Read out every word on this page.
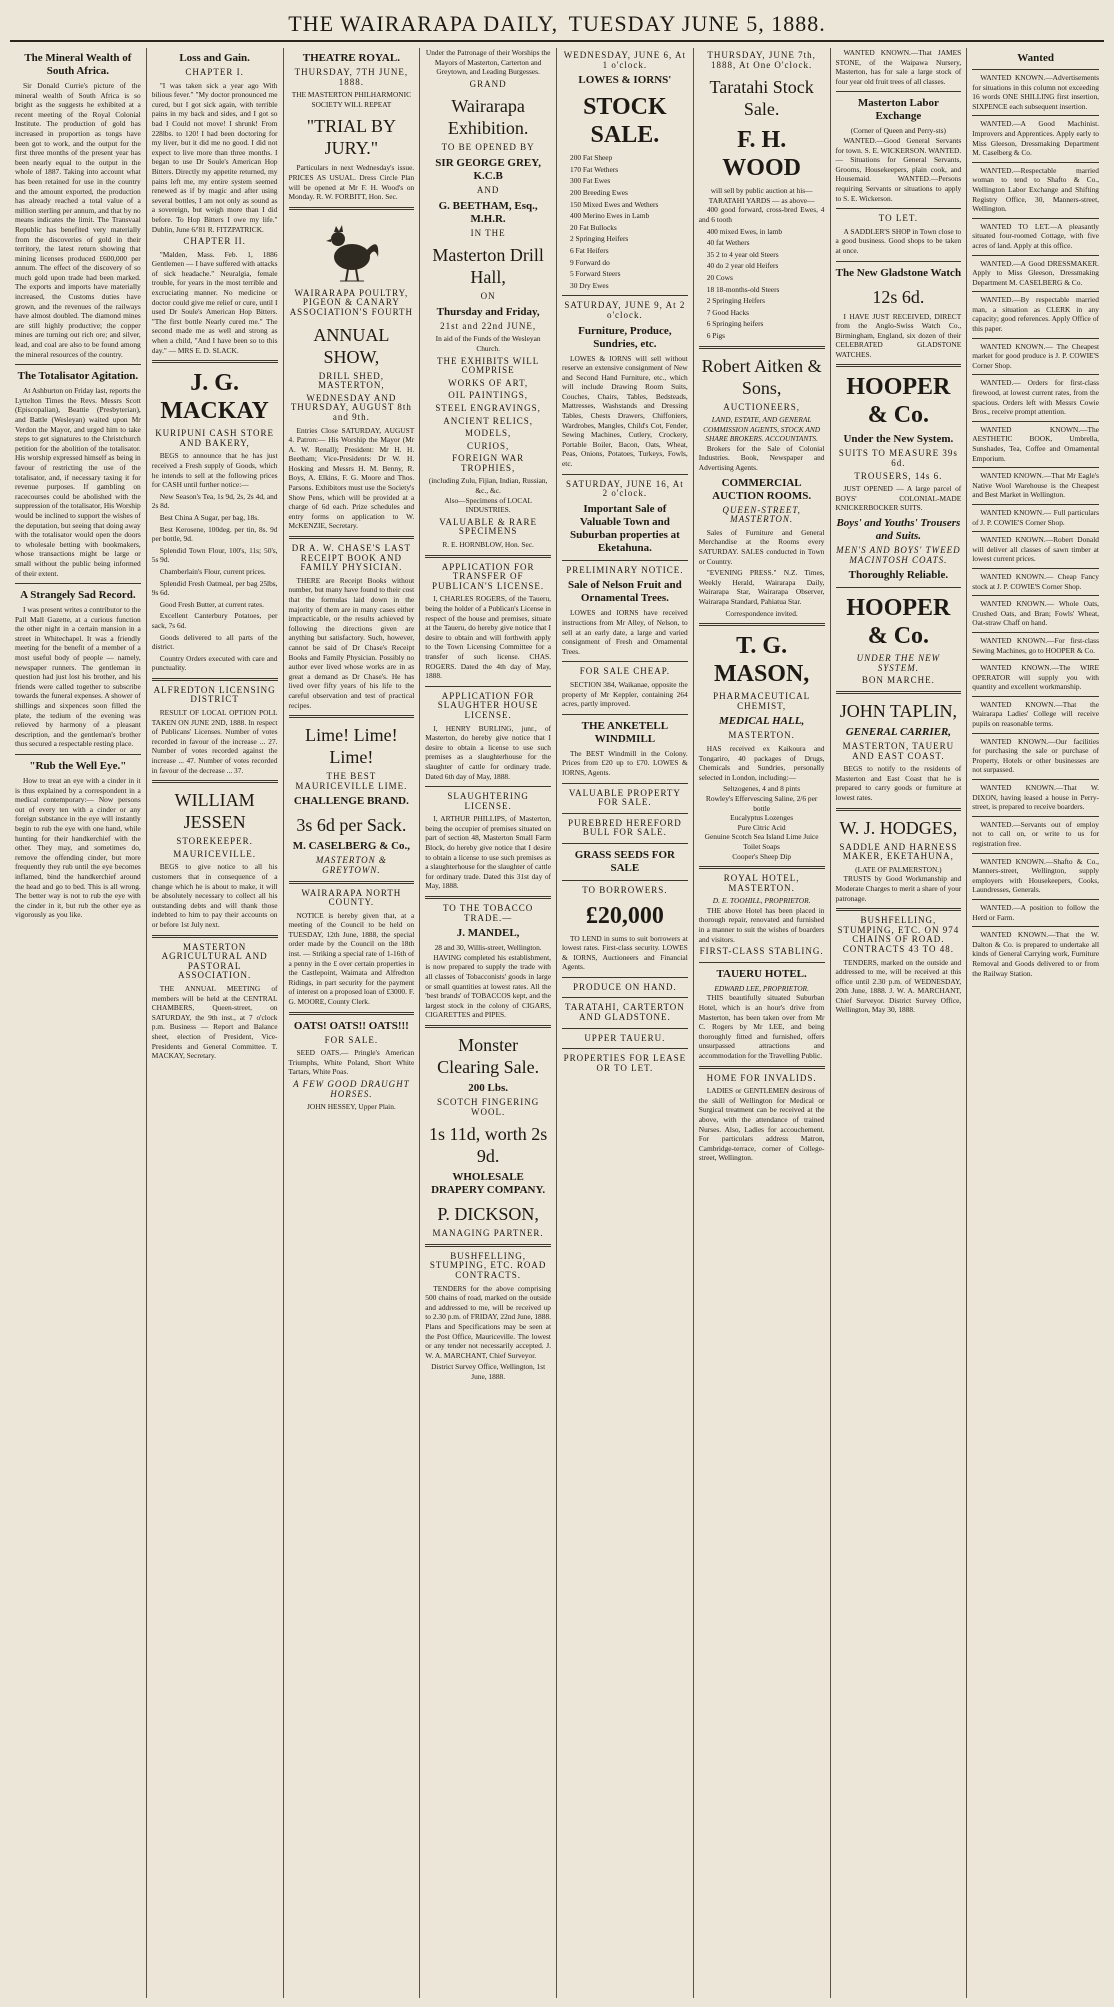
THE WAIRARAPA DAILY, TUESDAY JUNE 5, 1888.
The Mineral Wealth of South Africa.
Sir Donald Currie's picture of the mineral wealth of South Africa is so bright as the suggests he exhibited at a recent meeting of the Royal Colonial Institute. The production of gold has increased in proportion as tongs have been got to work, and the output for the first three months of the present year has been nearly equal to the output in the whole of 1887. Taking into account what has been retained for use in the country and the amount exported, the production has already reached a total value of a million sterling per annum, and that by no means indicates the limit. The Transvaal Republic has benefited very materially from the discoveries of gold in their territory, the latest return showing that mining licenses produced £600,000 per annum. The effect of the discovery of so much gold upon trade had been marked. The exports and imports have materially increased, the Customs duties have grown, and the revenues of the railways have almost doubled. The diamond mines are still highly productive; the copper mines are turning out rich ore; and silver, lead, and coal are also to be found among the mineral resources of the country.
The Totalisator Agitation.
At Ashburton on Friday last, reports the Lyttelton Times the Revs. Messrs Scott (Episcopalian), Beattie (Presbyterian), and Battle (Wesleyan) waited upon Mr Verdon the Mayor, and urged him to take steps to get signatures to the Christchurch petition for the abolition of the totalisator. His worship expressed himself as being in favour of restricting the use of the totalisator, and, if necessary taxing it for revenue purposes. If gambling on racecourses could be abolished with the suppression of the totalisator, His Worship would be inclined to support the wishes of the deputation, but seeing that doing away with the totalisator would open the doors to wholesale betting with bookmakers, whose transactions might be large or small without the public being informed of their extent.
A Strangely Sad Record.
I was present writes a contributor to the Pall Mall Gazette, at a curious function the other night in a certain mansion in a street in Whitechapel. It was a friendly meeting for the benefit of a member of a most useful body of people — namely, newspaper runners. The gentleman in question had just lost his brother, and his friends were called together to subscribe towards the funeral expenses. A shower of shillings and sixpences soon filled the plate, the tedium of the evening was relieved by harmony of a pleasant description, and the gentleman's brother thus secured a respectable resting place.
"Rub the Well Eye."
How to treat an eye with a cinder in it is thus explained by a correspondent in a medical contemporary:— Now persons out of every ten with a cinder or any foreign substance in the eye will instantly begin to rub the eye with one hand, while hunting for their handkerchief with the other. They may, and sometimes do, remove the offending cinder, but more frequently they rub until the eye becomes inflamed, bind the handkerchief around the head and go to bed. This is all wrong. The better way is not to rub the eye with the cinder in it, but rub the other eye as vigorously as you like.
Loss and Gain.
CHAPTER I.
"I was taken sick a year ago With bilious fever." "My doctor pronounced me cured, but I got sick again, with terrible pains in my back and sides, and I got so bad I Could not move! I shrunk! From 228lbs. to 120! I had been doctoring for my liver, but it did me no good. I did not expect to live more than three months. I began to use Dr Soule's American Hop Bitters. Directly my appetite returned, my pains left me, my entire system seemed renewed as if by magic and after using several bottles, I am not only as sound as a sovereign, but weigh more than I did before. To Hop Bitters I owe my life." Dublin, June 6/'81 R. FITZPATRICK.
CHAPTER II.
"Malden, Mass. Feb. 1, 1886 Gentlemen — I have suffered with attacks of sick headache." Neuralgia, female trouble, for years in the most terrible and excruciating manner. No medicine or doctor could give me relief or cure, until I used Dr Soule's American Hop Bitters. "The first bottle Nearly cured me." The second made me as well and strong as when a child, "And I have been so to this day." — MRS E. D. SLACK.
J. G. MACKAY
KURIPUNI CASH STORE AND BAKERY,
BEGS to announce that he has just received a Fresh supply of Goods, which he intends to sell at the following prices for CASH until further notice:—
New Season's Tea, 1s 9d, 2s, 2s 4d, and 2s 8d.
Best China A Sugar, per bag, 18s.
Best Kerosene, 100deg. per tin, 8s. 9d per bottle, 9d.
Splendid Town Flour, 100's, 11s; 50's, 5s 9d.
Chamberlain's Flour, current prices.
Splendid Fresh Oatmeal, per bag 25lbs, 9s 6d.
Good Fresh Butter, at current rates.
Excellent Canterbury Potatoes, per sack, 7s 6d.
Goods delivered to all parts of the district.
Country Orders executed with care and punctuality.
ALFREDTON LICENSING DISTRICT
RESULT OF LOCAL OPTION POLL TAKEN ON JUNE 2ND, 1888. In respect of Publicans' Licenses. Number of votes recorded in favour of the increase ... 27. Number of votes recorded against the increase ... 47. Number of votes recorded in favour of the decrease ... 37.
WILLIAM JESSEN
STOREKEEPER.
MAURICEVILLE.
BEGS to give notice to all his customers that in consequence of a change which he is about to make, it will be absolutely necessary to collect all his outstanding debts and will thank those indebted to him to pay their accounts on or before 1st July next.
MASTERTON AGRICULTURAL AND PASTORAL ASSOCIATION.
THE ANNUAL MEETING of members will be held at the CENTRAL CHAMBERS, Queen-street, on SATURDAY, the 9th inst., at 7 o'clock p.m. Business — Report and Balance sheet, election of President, Vice-Presidents and General Committee. T. MACKAY, Secretary.
THEATRE ROYAL.
THURSDAY, 7TH JUNE, 1888.
THE MASTERTON PHILHARMONIC SOCIETY WILL REPEAT
"TRIAL BY JURY."
Particulars in next Wednesday's issue. PRICES AS USUAL. Dress Circle Plan will be opened at Mr F. H. Wood's on Monday. R. W. FORBITT, Hon. Sec.
WAIRARAPA POULTRY, PIGEON & CANARY ASSOCIATION'S FOURTH
ANNUAL SHOW,
DRILL SHED, MASTERTON,
WEDNESDAY AND THURSDAY, AUGUST 8th and 9th.
Entries Close SATURDAY, AUGUST 4. Patron:— His Worship the Mayor (Mr A. W. Renall); President: Mr H. H. Beetham; Vice-Presidents: Dr W. H. Hosking and Messrs H. M. Benny, R. Boys, A. Elkins, F. G. Moore and Thos. Parsons. Exhibitors must use the Society's Show Pens, which will be provided at a charge of 6d each. Prize schedules and entry forms on application to W. McKENZIE, Secretary.
DR A. W. CHASE'S LAST RECEIPT BOOK AND FAMILY PHYSICIAN.
THERE are Receipt Books without number, but many have found to their cost that the formulas laid down in the majority of them are in many cases either impracticable, or the results achieved by following the directions given are anything but satisfactory. Such, however, cannot be said of Dr Chase's Receipt Books and Family Physician. Possibly no author ever lived whose works are in as great a demand as Dr Chase's. He has lived over fifty years of his life to the careful observation and test of practical recipes.
Lime! Lime! Lime!
THE BEST MAURICEVILLE LIME.
CHALLENGE BRAND.
3s 6d per Sack.
M. CASELBERG & Co.,
MASTERTON & GREYTOWN.
WAIRARAPA NORTH COUNTY.
NOTICE is hereby given that, at a meeting of the Council to be held on TUESDAY, 12th June, 1888, the special order made by the Council on the 18th inst. — Striking a special rate of 1-16th of a penny in the £ over certain properties in the Castlepoint, Waimata and Alfredton Ridings, in part security for the payment of interest on a proposed loan of £3000. F. G. MOORE, County Clerk.
OATS! OATS!! OATS!!!
FOR SALE.
SEED OATS.— Pringle's American Triumphs, White Poland, Short White Tartars, White Poas.
A FEW GOOD DRAUGHT HORSES.
JOHN HESSEY, Upper Plain.
Under the Patronage of their Worships the Mayors of Masterton, Carterton and Greytown, and Leading Burgesses.
GRAND
Wairarapa Exhibition.
TO BE OPENED BY
SIR GEORGE GREY, K.C.B
AND
G. BEETHAM, Esq., M.H.R.
IN THE
Masterton Drill Hall,
ON
Thursday and Friday,
21st and 22nd JUNE,
In aid of the Funds of the Wesleyan Church.
THE EXHIBITS WILL COMPRISE
WORKS OF ART,
OIL PAINTINGS,
STEEL ENGRAVINGS,
ANCIENT RELICS,
MODELS,
CURIOS,
FOREIGN WAR TROPHIES,
(including Zulu, Fijian, Indian, Russian, &c., &c.
Also—Specimens of LOCAL INDUSTRIES.
VALUABLE & RARE SPECIMENS
R. E. HORNBLOW, Hon. Sec.
APPLICATION FOR TRANSFER OF PUBLICAN'S LICENSE.
I, CHARLES ROGERS, of the Taueru, being the holder of a Publican's License in respect of the house and premises, situate at the Taueru, do hereby give notice that I desire to obtain and will forthwith apply to the Town Licensing Committee for a transfer of such license. CHAS. ROGERS. Dated the 4th day of May, 1888.
APPLICATION FOR SLAUGHTER HOUSE LICENSE.
I, HENRY BURLING, junr., of Masterton, do hereby give notice that I desire to obtain a license to use such premises as a slaughterhouse for the slaughter of cattle for ordinary trade. Dated 6th day of May, 1888.
SLAUGHTERING LICENSE.
I, ARTHUR PHILLIPS, of Masterton, being the occupier of premises situated on part of section 48, Masterton Small Farm Block, do hereby give notice that I desire to obtain a license to use such premises as a slaughterhouse for the slaughter of cattle for ordinary trade. Dated this 31st day of May, 1888.
TO THE TOBACCO TRADE.—
J. MANDEL,
28 and 30, Willis-street, Wellington.
HAVING completed his establishment, is now prepared to supply the trade with all classes of Tobacconists' goods in large or small quantities at lowest rates. All the 'best brands' of TOBACCOS kept, and the largest stock in the colony of CIGARS, CIGARETTES and PIPES.
Monster Clearing Sale.
200 Lbs.
SCOTCH FINGERING WOOL.
1s 11d, worth 2s 9d.
WHOLESALE DRAPERY COMPANY.
P. DICKSON,
MANAGING PARTNER.
BUSHFELLING, STUMPING, ETC. ROAD CONTRACTS.
TENDERS for the above comprising 500 chains of road, marked on the outside and addressed to me, will be received up to 2.30 p.m. of FRIDAY, 22nd June, 1888. Plans and Specifications may be seen at the Post Office, Mauriceville. The lowest or any tender not necessarily accepted. J. W. A. MARCHANT, Chief Surveyor.
District Survey Office, Wellington, 1st June, 1888.
WEDNESDAY, JUNE 6, At 1 o'clock.
LOWES & IORNS'
STOCK SALE.
200 Fat Sheep
170 Fat Wethers
300 Fat Ewes
200 Breeding Ewes
150 Mixed Ewes and Wethers
400 Merino Ewes in Lamb
20 Fat Bullocks
2 Springing Heifers
6 Fat Heifers
9 Forward do
5 Forward Steers
30 Dry Ewes
SATURDAY, JUNE 9, At 2 o'clock.
Furniture, Produce, Sundries, etc.
LOWES & IORNS will sell without reserve an extensive consignment of New and Second Hand Furniture, etc., which will include Drawing Room Suits, Couches, Chairs, Tables, Bedsteads, Mattresses, Washstands and Dressing Tables, Chests Drawers, Chiffoniers, Wardrobes, Mangles, Child's Cot, Fender, Sewing Machines, Cutlery, Crockery, Portable Boiler, Bacon, Oats, Wheat, Peas, Onions, Potatoes, Turkeys, Fowls, etc.
SATURDAY, JUNE 16, At 2 o'clock.
Important Sale of Valuable Town and Suburban properties at Eketahuna.
PRELIMINARY NOTICE.
Sale of Nelson Fruit and Ornamental Trees.
LOWES and IORNS have received instructions from Mr Alley, of Nelson, to sell at an early date, a large and varied consignment of Fresh and Ornamental Trees.
FOR SALE CHEAP.
SECTION 384, Waikanae, opposite the property of Mr Keppler, containing 264 acres, partly improved.
THE ANKETELL WINDMILL
The BEST Windmill in the Colony. Prices from £20 up to £70. LOWES & IORNS, Agents.
VALUABLE PROPERTY FOR SALE.
PUREBRED HEREFORD BULL FOR SALE.
GRASS SEEDS FOR SALE
TO BORROWERS.
£20,000
TO LEND in sums to suit borrowers at lowest rates. First-class security. LOWES & IORNS, Auctioneers and Financial Agents.
PRODUCE ON HAND.
TARATAHI, CARTERTON AND GLADSTONE.
UPPER TAUERU.
PROPERTIES FOR LEASE OR TO LET.
THURSDAY, JUNE 7th, 1888, At One O'clock.
Taratahi Stock Sale.
F. H. WOOD
will sell by public auction at his— TARATAHI YARDS — as above—
400 good forward, cross-bred Ewes, 4 and 6 tooth
400 mixed Ewes, in lamb
40 fat Wethers
35 2 to 4 year old Steers
40 do 2 year old Heifers
20 Cows
18 18-months-old Steers
2 Springing Heifers
7 Good Hacks
6 Springing heifers
6 Pigs
Robert Aitken & Sons,
AUCTIONEERS,
LAND, ESTATE, AND GENERAL COMMISSION AGENTS, STOCK AND SHARE BROKERS. ACCOUNTANTS.
Brokers for the Sale of Colonial Industries. Book, Newspaper and Advertising Agents.
COMMERCIAL AUCTION ROOMS.
QUEEN-STREET, MASTERTON.
Sales of Furniture and General Merchandise at the Rooms every SATURDAY. SALES conducted in Town or Country.
"EVENING PRESS." N.Z. Times, Weekly Herald, Wairarapa Daily, Wairarapa Star, Wairarapa Observer, Wairarapa Standard, Pahiatua Star.
Correspondence invited.
T. G. MASON,
PHARMACEUTICAL CHEMIST,
MEDICAL HALL,
MASTERTON.
HAS received ex Kaikoura and Tongariro, 40 packages of Drugs, Chemicals and Sundries, personally selected in London, including:—
Seltzogenes, 4 and 8 pints
Rowley's Effervescing Saline, 2/6 per bottle
Eucalyptus Lozenges
Pure Citric Acid
Genuine Scotch Sea Island Lime Juice
Toilet Soaps
Cooper's Sheep Dip
ROYAL HOTEL, MASTERTON.
D. E. TOOHILL, PROPRIETOR.
THE above Hotel has been placed in thorough repair, renovated and furnished in a manner to suit the wishes of boarders and visitors.
FIRST-CLASS STABLING.
TAUERU HOTEL.
EDWARD LEE, PROPRIETOR.
THIS beautifully situated Suburban Hotel, which is an hour's drive from Masterton, has been taken over from Mr C. Rogers by Mr LEE, and being thoroughly fitted and furnished, offers unsurpassed attractions and accommodation for the Travelling Public.
HOME FOR INVALIDS.
LADIES or GENTLEMEN desirous of the skill of Wellington for Medical or Surgical treatment can be received at the above, with the attendance of trained Nurses. Also, Ladies for accouchement. For particulars address Matron, Cambridge-terrace, corner of College-street, Wellington.
WANTED KNOWN.—That JAMES STONE, of the Waipawa Nursery, Masterton, has for sale a large stock of four year old fruit trees of all classes.
Masterton Labor Exchange
(Corner of Queen and Perry-sts)
WANTED.—Good General Servants for town. S. E. WICKERSON. WANTED.— Situations for General Servants, Grooms, Housekeepers, plain cook, and Housemaid. WANTED.—Persons requiring Servants or situations to apply to S. E. Wickerson.
TO LET.
A SADDLER'S SHOP in Town close to a good business. Good shops to be taken at once.
The New Gladstone Watch
12s 6d.
I HAVE JUST RECEIVED, DIRECT from the Anglo-Swiss Watch Co., Birmingham, England, six dozen of their CELEBRATED GLADSTONE WATCHES.
HOOPER & Co.
Under the New System.
SUITS TO MEASURE 39s 6d.
TROUSERS, 14s 6.
JUST OPENED — A large parcel of BOYS' COLONIAL-MADE KNICKERBOCKER SUITS.
Boys' and Youths' Trousers and Suits.
MEN'S AND BOYS' TWEED MACINTOSH COATS.
Thoroughly Reliable.
HOOPER & Co.
UNDER THE NEW SYSTEM.
BON MARCHE.
JOHN TAPLIN,
GENERAL CARRIER,
MASTERTON, TAUERU AND EAST COAST.
BEGS to notify to the residents of Masterton and East Coast that he is prepared to carry goods or furniture at lowest rates.
W. J. HODGES,
SADDLE AND HARNESS MAKER, EKETAHUNA,
(LATE OF PALMERSTON.)
TRUSTS by Good Workmanship and Moderate Charges to merit a share of your patronage.
BUSHFELLING, STUMPING, ETC. ON 974 CHAINS OF ROAD. CONTRACTS 43 TO 48.
TENDERS, marked on the outside and addressed to me, will be received at this office until 2.30 p.m. of WEDNESDAY, 20th June, 1888. J. W. A. MARCHANT, Chief Surveyor. District Survey Office, Wellington, May 30, 1888.
Wanted
WANTED KNOWN.—Advertisements for situations in this column not exceeding 16 words ONE SHILLING first insertion, SIXPENCE each subsequent insertion.
WANTED.—A Good Machinist. Improvers and Apprentices. Apply early to Miss Gleeson, Dressmaking Department M. Caselberg & Co.
WANTED.—Respectable married woman to tend to Shafto & Co., Wellington Labor Exchange and Shifting Registry Office, 30, Manners-street, Wellington.
WANTED TO LET.—A pleasantly situated four-roomed Cottage, with five acres of land. Apply at this office.
WANTED.—A Good DRESSMAKER. Apply to Miss Gleeson, Dressmaking Department M. CASELBERG & Co.
WANTED.—By respectable married man, a situation as CLERK in any capacity; good references. Apply Office of this paper.
WANTED KNOWN.— The Cheapest market for good produce is J. P. COWIE'S Corner Shop.
WANTED.— Orders for first-class firewood, at lowest current rates, from the spacious. Orders left with Messrs Cowie Bros., receive prompt attention.
WANTED KNOWN.—The AESTHETIC BOOK, Umbrella, Sunshades, Tea, Coffee and Ornamental Emporium.
WANTED KNOWN.—That Mr Eagle's Native Wool Warehouse is the Cheapest and Best Market in Wellington.
WANTED KNOWN.— Full particulars of J. P. COWIE'S Corner Shop.
WANTED KNOWN.—Robert Donald will deliver all classes of sawn timber at lowest current prices.
WANTED KNOWN.— Cheap Fancy stock at J. P. COWIE'S Corner Shop.
WANTED KNOWN.— Whole Oats, Crushed Oats, and Bran; Fowls' Wheat, Oat-straw Chaff on hand.
WANTED KNOWN.—For first-class Sewing Machines, go to HOOPER & Co.
WANTED KNOWN.—The WIRE OPERATOR will supply you with quantity and excellent workmanship.
WANTED KNOWN.—That the Wairarapa Ladies' College will receive pupils on reasonable terms.
WANTED KNOWN.—Our facilities for purchasing the sale or purchase of Property, Hotels or other businesses are not surpassed.
WANTED KNOWN.—That W. DIXON, having leased a house in Perry-street, is prepared to receive boarders.
WANTED.—Servants out of employ not to call on, or write to us for registration free.
WANTED KNOWN.—Shafto & Co., Manners-street, Wellington, supply employers with Housekeepers, Cooks, Laundresses, Generals.
WANTED.—A position to follow the Herd or Farm.
WANTED KNOWN.—That the W. Dalton & Co. is prepared to undertake all kinds of General Carrying work, Furniture Removal and Goods delivered to or from the Railway Station.
